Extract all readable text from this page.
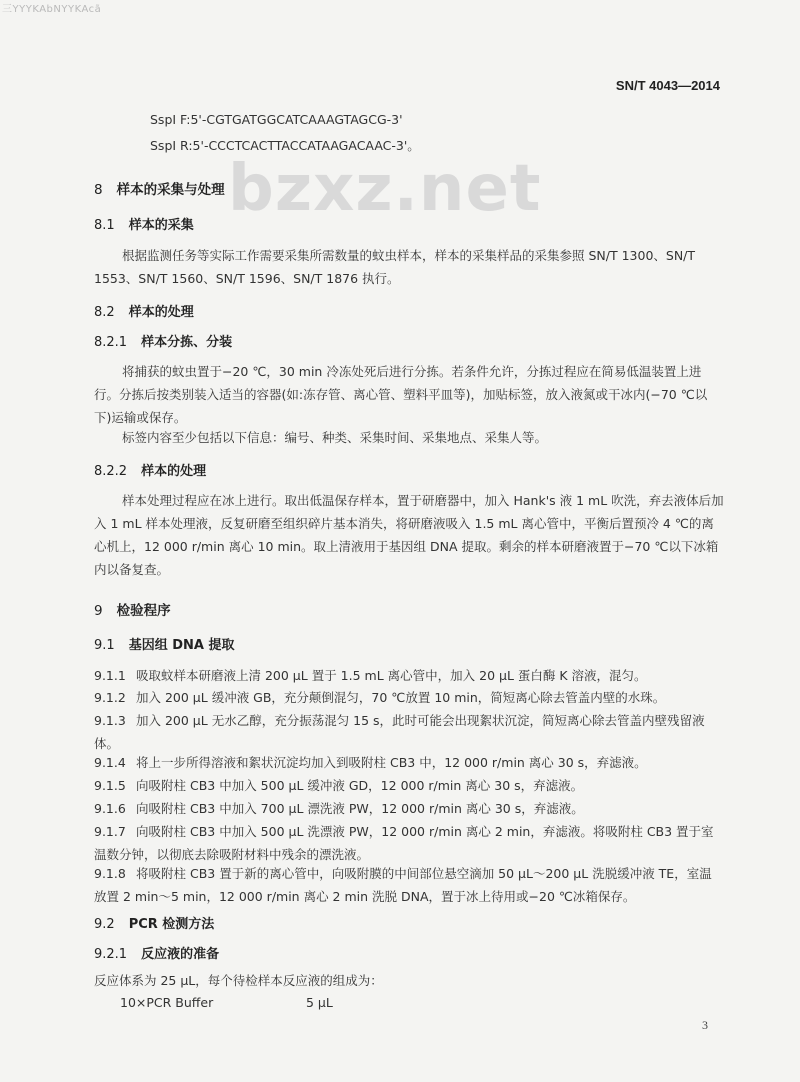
三YYYKAbNYYKAcã
SN/T 4043—2014
SspI F:5'-CGTGATGGCATCAAAGTAGCG-3'
SspI R:5'-CCCTCACTTACCATAAGACAAC-3'。
bzxz.net
8 样本的采集与处理
8.1 样本的采集
根据监测任务等实际工作需要采集所需数量的蚊虫样本，样本的采集样品的采集参照 SN/T 1300、SN/T 1553、SN/T 1560、SN/T 1596、SN/T 1876 执行。
8.2 样本的处理
8.2.1 样本分拣、分装
将捕获的蚊虫置于−20 ℃，30 min 冷冻处死后进行分拣。若条件允许，分拣过程应在简易低温装置上进行。分拣后按类别装入适当的容器(如:冻存管、离心管、塑料平皿等)，加贴标签，放入液氮或干冰内(−70 ℃以下)运输或保存。
标签内容至少包括以下信息：编号、种类、采集时间、采集地点、采集人等。
8.2.2 样本的处理
样本处理过程应在冰上进行。取出低温保存样本，置于研磨器中，加入 Hank's 液 1 mL 吹洗，弃去液体后加入 1 mL 样本处理液，反复研磨至组织碎片基本消失，将研磨液吸入 1.5 mL 离心管中，平衡后置预冷 4 ℃的离心机上，12 000 r/min 离心 10 min。取上清液用于基因组 DNA 提取。剩余的样本研磨液置于−70 ℃以下冰箱内以备复查。
9 检验程序
9.1 基因组 DNA 提取
9.1.1 吸取蚊样本研磨液上清 200 μL 置于 1.5 mL 离心管中，加入 20 μL 蛋白酶 K 溶液，混匀。
9.1.2 加入 200 μL 缓冲液 GB，充分颠倒混匀，70 ℃放置 10 min，简短离心除去管盖内壁的水珠。
9.1.3 加入 200 μL 无水乙醇，充分振荡混匀 15 s，此时可能会出现絮状沉淀，简短离心除去管盖内壁残留液体。
9.1.4 将上一步所得溶液和絮状沉淀均加入到吸附柱 CB3 中，12 000 r/min 离心 30 s，弃滤液。
9.1.5 向吸附柱 CB3 中加入 500 μL 缓冲液 GD，12 000 r/min 离心 30 s，弃滤液。
9.1.6 向吸附柱 CB3 中加入 700 μL 漂洗液 PW，12 000 r/min 离心 30 s，弃滤液。
9.1.7 向吸附柱 CB3 中加入 500 μL 洗漂液 PW，12 000 r/min 离心 2 min，弃滤液。将吸附柱 CB3 置于室温数分钟，以彻底去除吸附材料中残余的漂洗液。
9.1.8 将吸附柱 CB3 置于新的离心管中，向吸附膜的中间部位悬空滴加 50 μL～200 μL 洗脱缓冲液 TE，室温放置 2 min～5 min，12 000 r/min 离心 2 min 洗脱 DNA，置于冰上待用或−20 ℃冰箱保存。
9.2 PCR 检测方法
9.2.1 反应液的准备
反应体系为 25 μL，每个待检样本反应液的组成为：
10×PCR Buffer	5 μL
3
